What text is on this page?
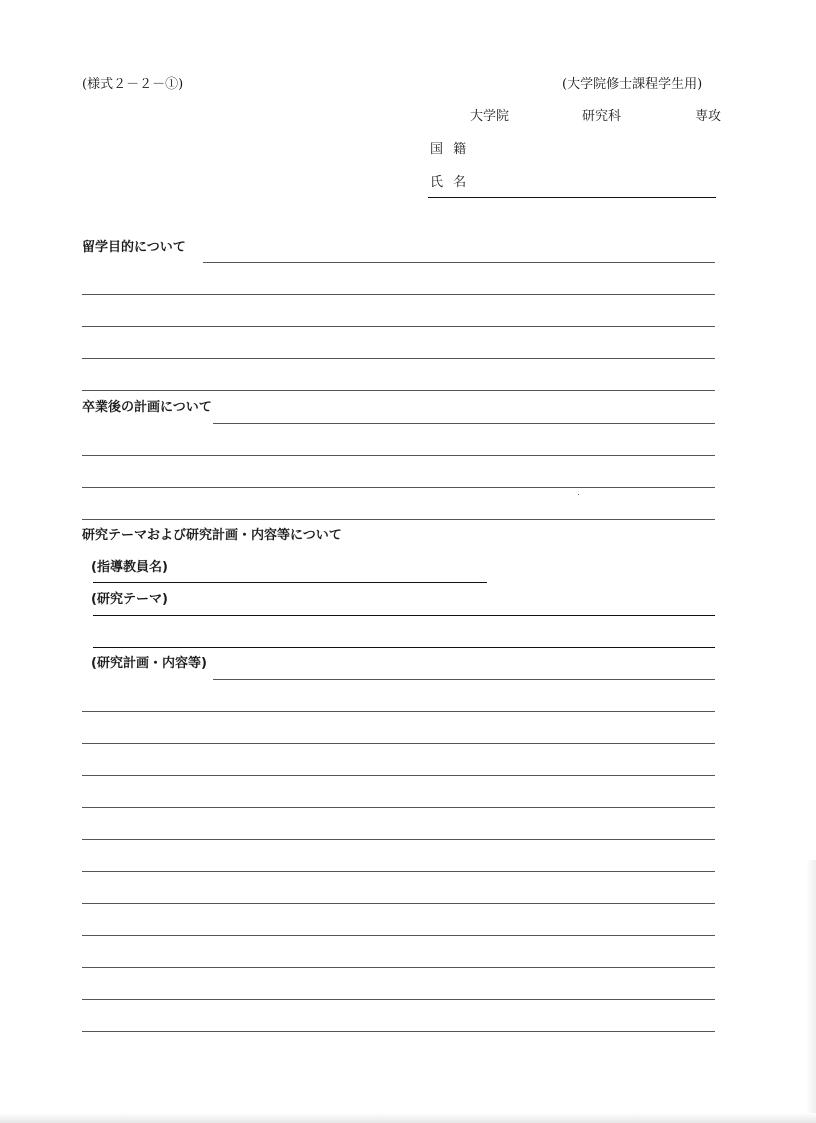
(様式２－２－①)	(大学院修士課程学生用)
大学院	研究科	専攻
国 籍
氏 名
留学目的について
卒業後の計画について
研究テーマおよび研究計画・内容等について
(指導教員名)
(研究テーマ)
(研究計画・内容等)
